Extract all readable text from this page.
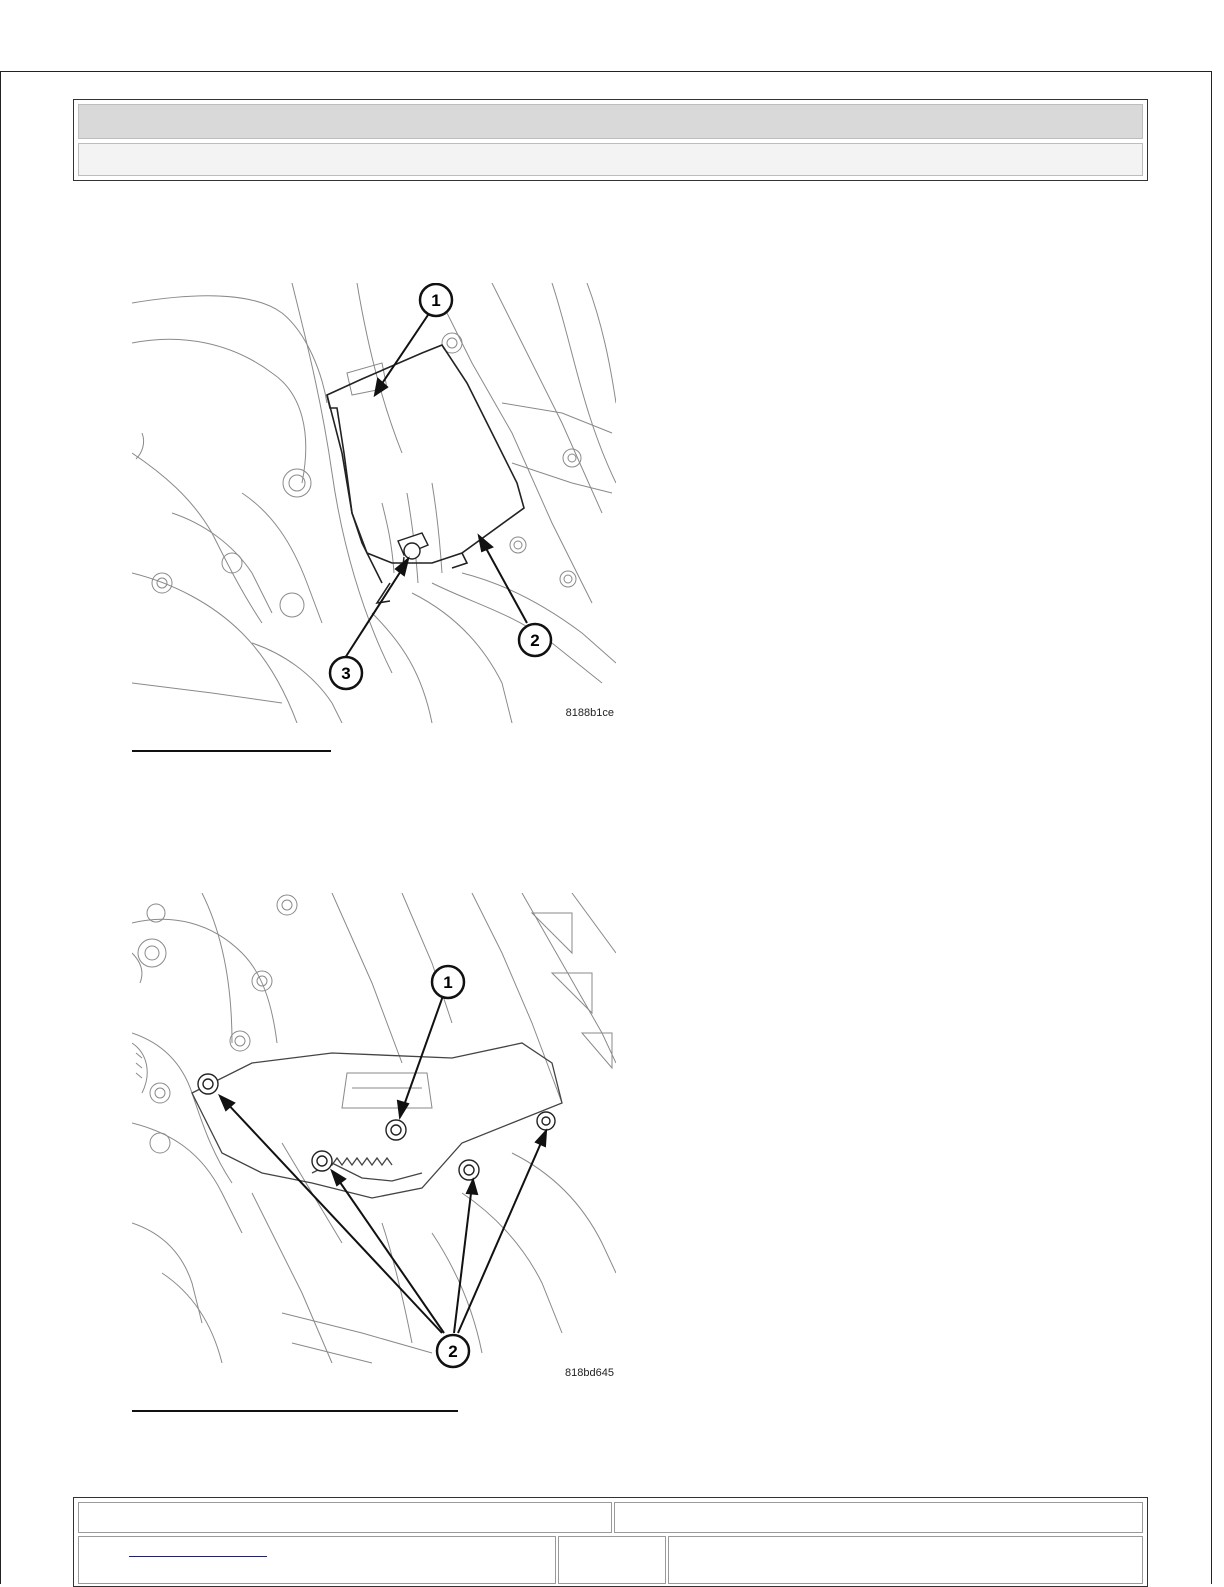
1
2
3
8188b1ce
1
2
818bd645
